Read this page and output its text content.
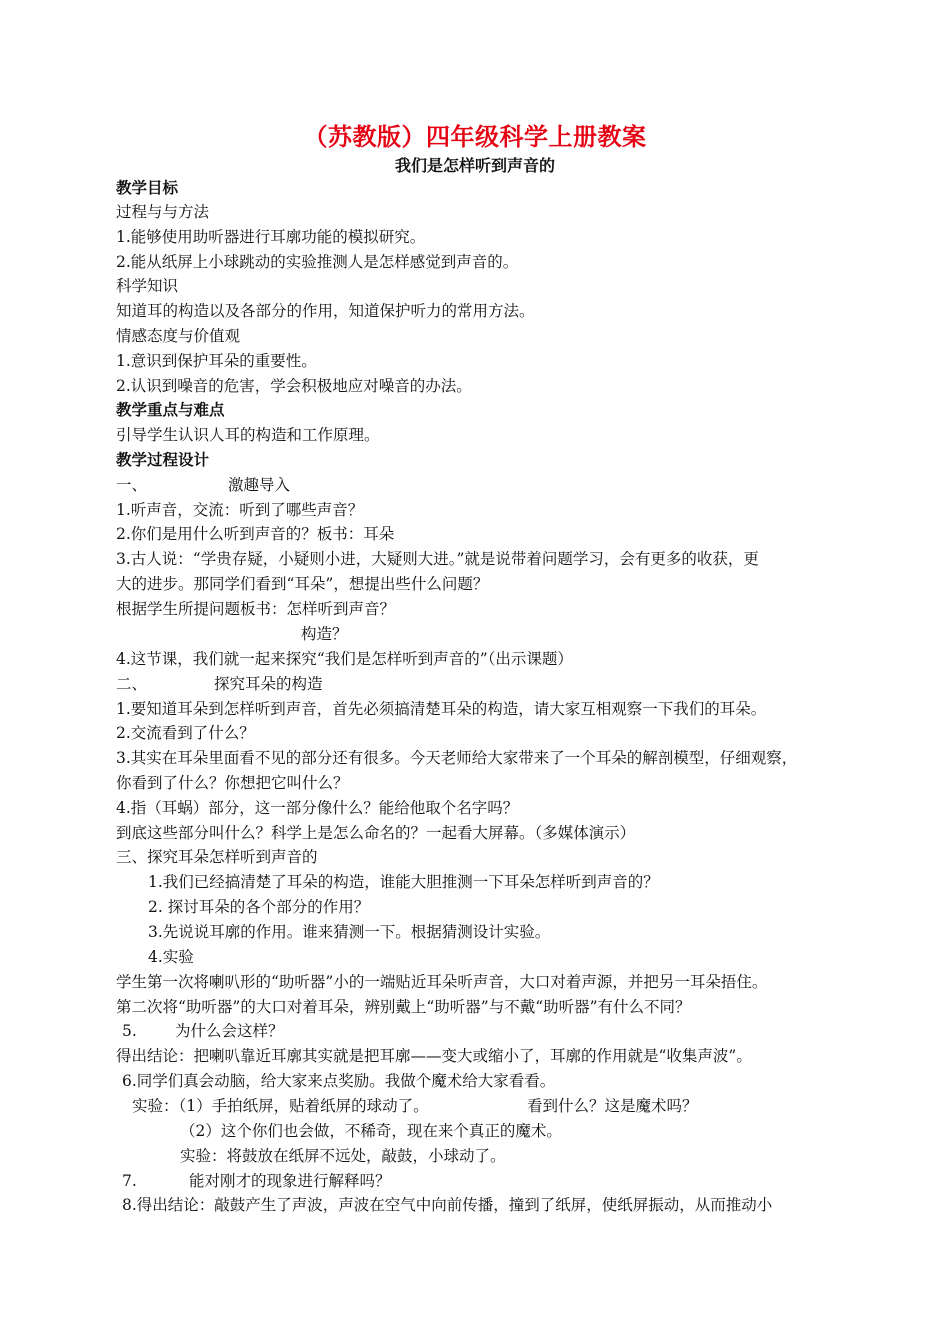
（苏教版）四年级科学上册教案
我们是怎样听到声音的
教学目标
过程与与方法
1.能够使用助听器进行耳廓功能的模拟研究。
2.能从纸屏上小球跳动的实验推测人是怎样感觉到声音的。
科学知识
知道耳的构造以及各部分的作用，知道保护听力的常用方法。
情感态度与价值观
1.意识到保护耳朵的重要性。
2.认识到噪音的危害，学会积极地应对噪音的办法。
教学重点与难点
引导学生认识人耳的构造和工作原理。
教学过程设计
一、	激趣导入
1.听声音，交流：听到了哪些声音？
2.你们是用什么听到声音的？板书：耳朵
3.古人说：“学贵存疑，小疑则小进，大疑则大进。”就是说带着问题学习，会有更多的收获，更
大的进步。那同学们看到“耳朵”，想提出些什么问题？
根据学生所提问题板书：怎样听到声音？
构造？
4.这节课，我们就一起来探究“我们是怎样听到声音的”（出示课题）
二、	探究耳朵的构造
1.要知道耳朵到怎样听到声音，首先必须搞清楚耳朵的构造，请大家互相观察一下我们的耳朵。
2.交流看到了什么？
3.其实在耳朵里面看不见的部分还有很多。今天老师给大家带来了一个耳朵的解剖模型，仔细观察，
你看到了什么？你想把它叫什么？
4.指（耳蜗）部分，这一部分像什么？能给他取个名字吗？
到底这些部分叫什么？科学上是怎么命名的？一起看大屏幕。（多媒体演示）
三、探究耳朵怎样听到声音的
1.我们已经搞清楚了耳朵的构造，谁能大胆推测一下耳朵怎样听到声音的？
2. 探讨耳朵的各个部分的作用？
3.先说说耳廓的作用。谁来猜测一下。根据猜测设计实验。
4.实验
学生第一次将喇叭形的“助听器”小的一端贴近耳朵听声音，大口对着声源，并把另一耳朵捂住。
第二次将“助听器”的大口对着耳朵，辨别戴上“助听器”与不戴“助听器”有什么不同？
5. 为什么会这样？
得出结论：把喇叭靠近耳廓其实就是把耳廓——变大或缩小了，耳廓的作用就是“收集声波”。
6.同学们真会动脑，给大家来点奖励。我做个魔术给大家看看。
实验：（1）手拍纸屏，贴着纸屏的球动了。	看到什么？这是魔术吗？
（2）这个你们也会做，不稀奇，现在来个真正的魔术。
实验：将鼓放在纸屏不远处，敲鼓，小球动了。
7.	能对刚才的现象进行解释吗？
8.得出结论：敲鼓产生了声波，声波在空气中向前传播，撞到了纸屏，使纸屏振动，从而推动小
